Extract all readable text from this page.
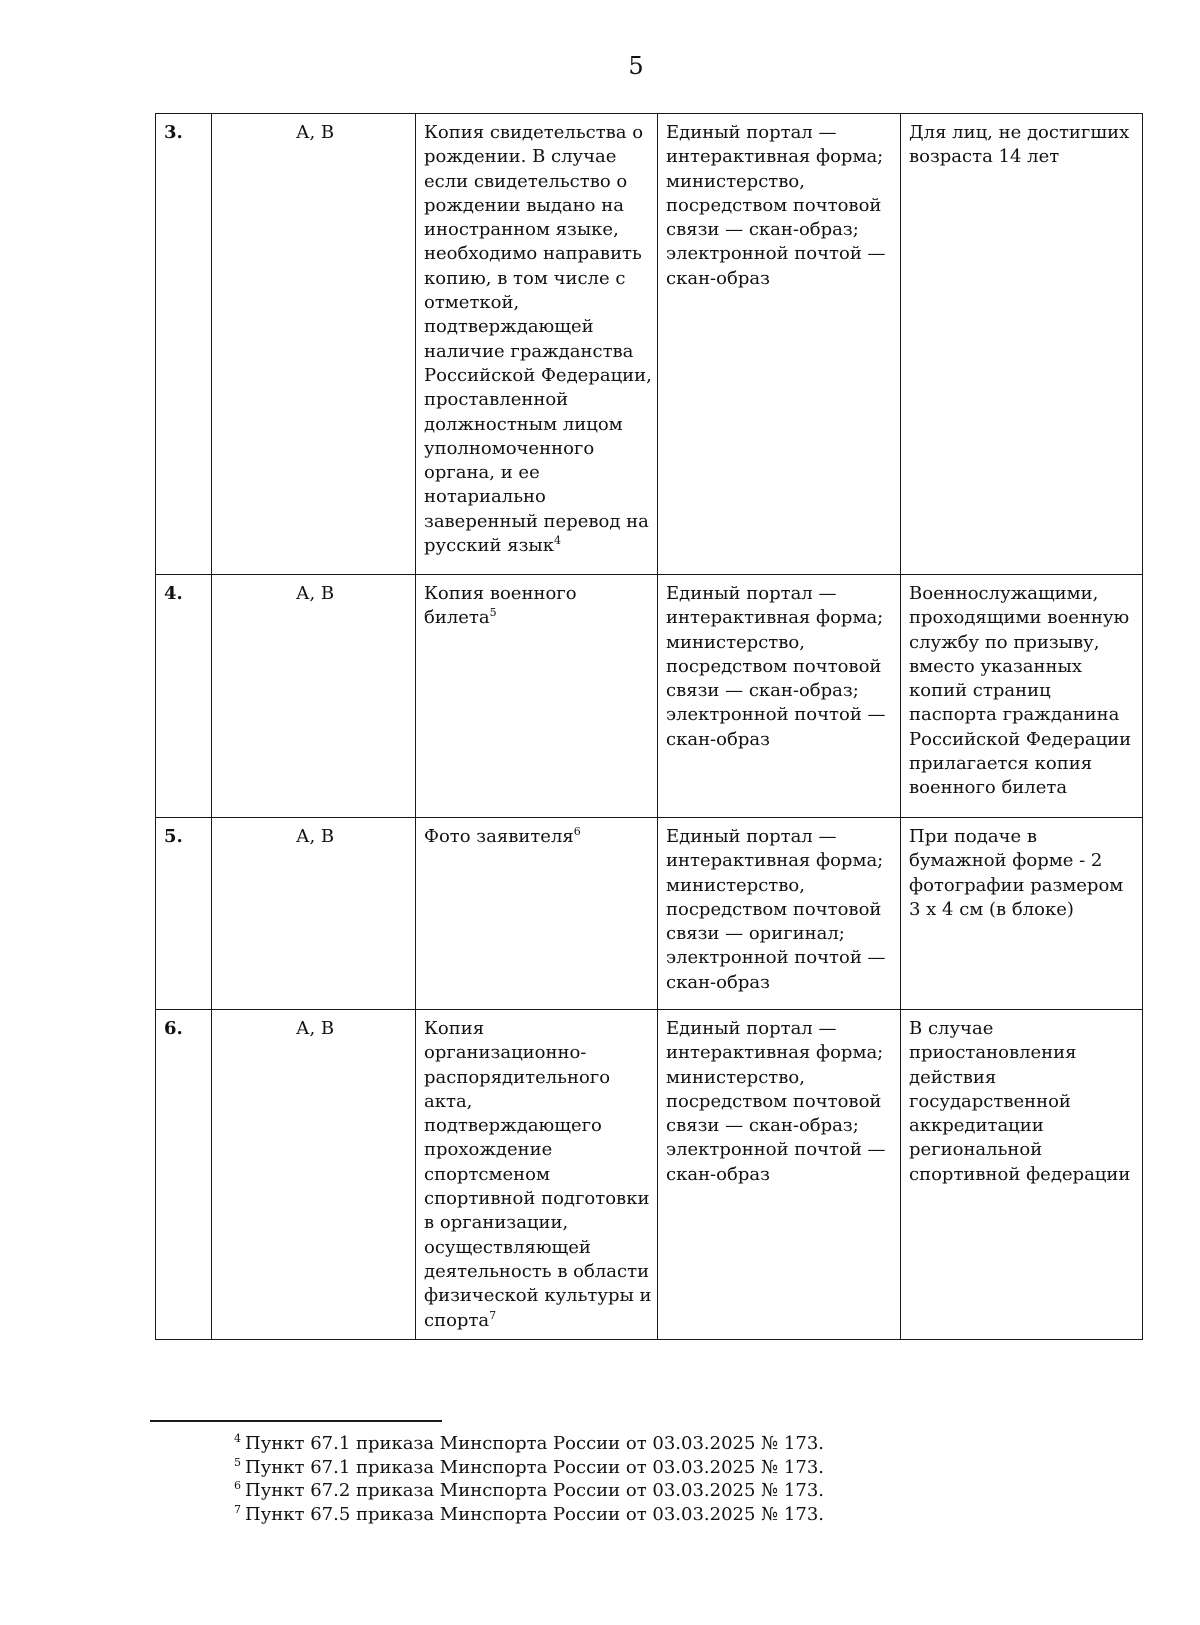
5
3.	А, В	Копия свидетельства о рождении. В случае если свидетельство о рождении выдано на иностранном языке, необходимо направить копию, в том числе с отметкой, подтверждающей наличие гражданства Российской Федерации, проставленной должностным лицом уполномоченного органа, и ее нотариально заверенный перевод на русский язык$^4$	Единый портал — интерактивная форма; министерство, посредством почтовой связи — скан-образ; электронной почтой — скан-образ	Для лиц, не достигших возраста 14 лет
4.	А, В	Копия военного билета$^5$	Единый портал — интерактивная форма; министерство, посредством почтовой связи — скан-образ; электронной почтой — скан-образ	Военнослужащими, проходящими военную службу по призыву, вместо указанных копий страниц паспорта гражданина Российской Федерации прилагается копия военного билета
5.	А, В	Фото заявителя$^6$	Единый портал — интерактивная форма; министерство, посредством почтовой связи — оригинал; электронной почтой — скан-образ	При подаче в бумажной форме - 2 фотографии размером 3 х 4 см (в блоке)
6.	А, В	Копия организационно-распорядительного акта, подтверждающего прохождение спортсменом спортивной подготовки в организации, осуществляющей деятельность в области физической культуры и спорта$^7$	Единый портал — интерактивная форма; министерство, посредством почтовой связи — скан-образ; электронной почтой — скан-образ	В случае приостановления действия государственной аккредитации региональной спортивной федерации
$^4$ Пункт 67.1 приказа Минспорта России от 03.03.2025 № 173.
$^5$ Пункт 67.1 приказа Минспорта России от 03.03.2025 № 173.
$^6$ Пункт 67.2 приказа Минспорта России от 03.03.2025 № 173.
$^7$ Пункт 67.5 приказа Минспорта России от 03.03.2025 № 173.
